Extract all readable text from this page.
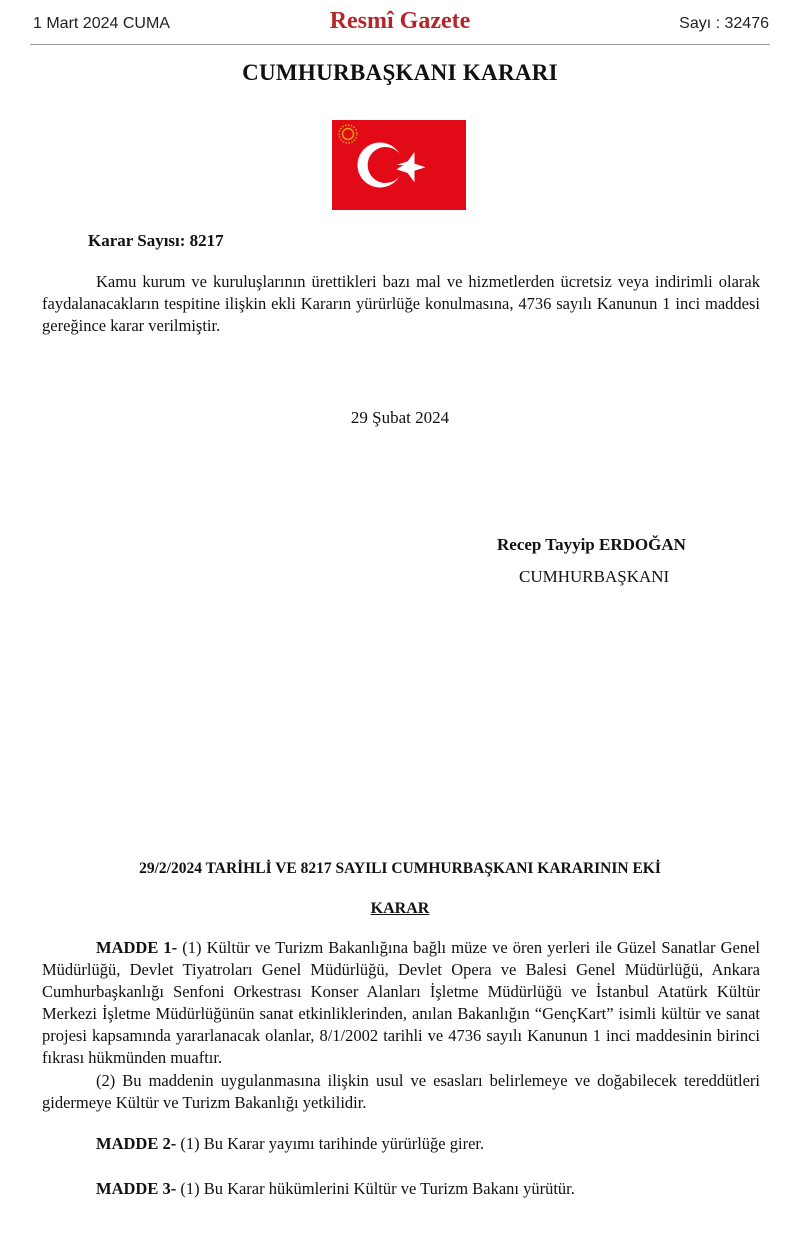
1 Mart 2024 CUMA	Resmî Gazete	Sayı : 32476
CUMHURBAŞKANI KARARI
Karar Sayısı: 8217
Kamu kurum ve kuruluşlarının ürettikleri bazı mal ve hizmetlerden ücretsiz veya indirimli olarak faydalanacakların tespitine ilişkin ekli Kararın yürürlüğe konulmasına, 4736 sayılı Kanunun 1 inci maddesi gereğince karar verilmiştir.
29 Şubat 2024
Recep Tayyip ERDOĞAN
CUMHURBAŞKANI
29/2/2024 TARİHLİ VE 8217 SAYILI CUMHURBAŞKANI KARARININ EKİ
KARAR
MADDE 1- (1) Kültür ve Turizm Bakanlığına bağlı müze ve ören yerleri ile Güzel Sanatlar Genel Müdürlüğü, Devlet Tiyatroları Genel Müdürlüğü, Devlet Opera ve Balesi Genel Müdürlüğü, Ankara Cumhurbaşkanlığı Senfoni Orkestrası Konser Alanları İşletme Müdürlüğü ve İstanbul Atatürk Kültür Merkezi İşletme Müdürlüğünün sanat etkinliklerinden, anılan Bakanlığın “GençKart” isimli kültür ve sanat projesi kapsamında yararlanacak olanlar, 8/1/2002 tarihli ve 4736 sayılı Kanunun 1 inci maddesinin birinci fıkrası hükmünden muaftır.
(2) Bu maddenin uygulanmasına ilişkin usul ve esasları belirlemeye ve doğabilecek tereddütleri gidermeye Kültür ve Turizm Bakanlığı yetkilidir.
MADDE 2- (1) Bu Karar yayımı tarihinde yürürlüğe girer.
MADDE 3- (1) Bu Karar hükümlerini Kültür ve Turizm Bakanı yürütür.
